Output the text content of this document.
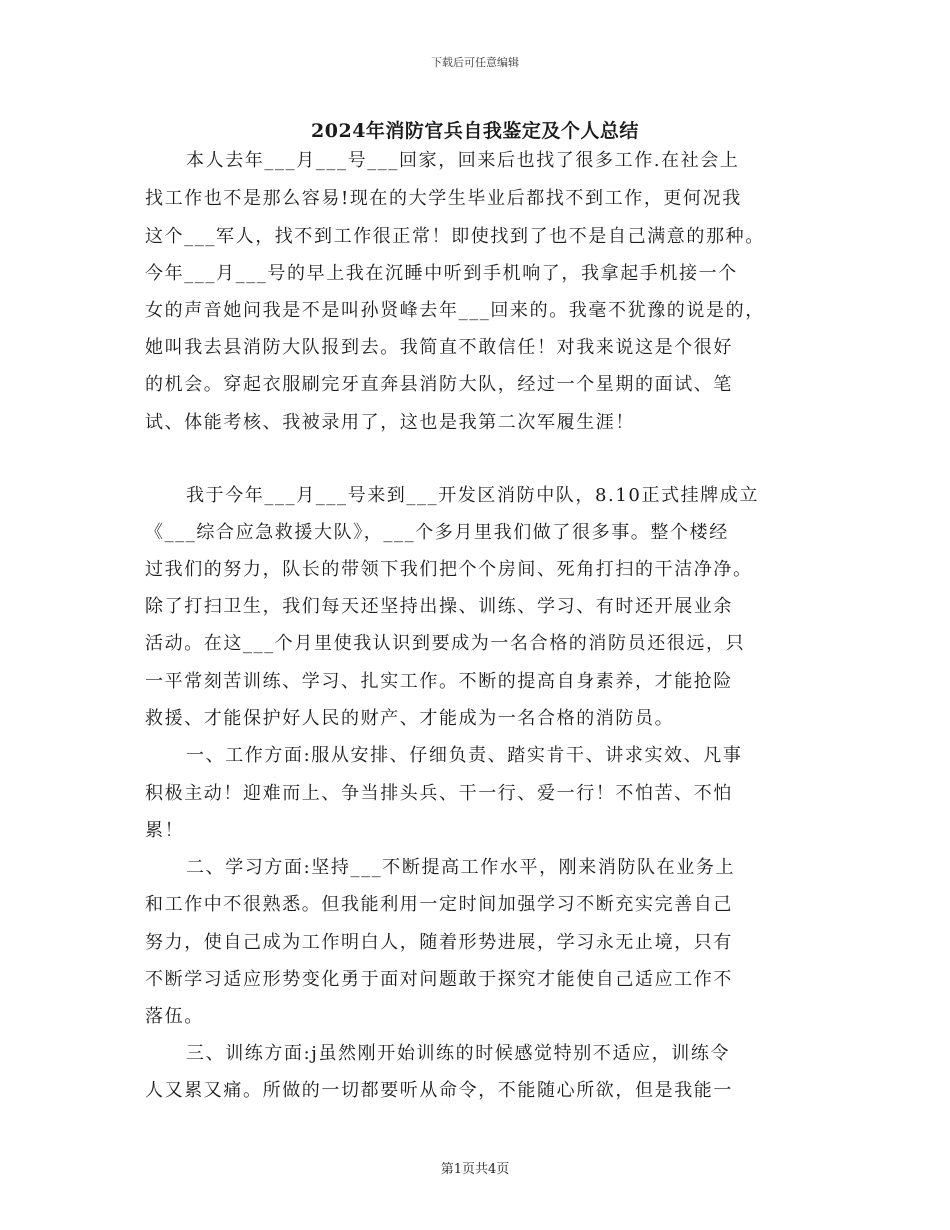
下载后可任意编辑
2024年消防官兵自我鉴定及个人总结
本人去年___月___号___回家，回来后也找了很多工作.在社会上
找工作也不是那么容易!现在的大学生毕业后都找不到工作，更何况我
这个___军人，找不到工作很正常！即使找到了也不是自己满意的那种。
今年___月___号的早上我在沉睡中听到手机响了，我拿起手机接一个
女的声音她问我是不是叫孙贤峰去年___回来的。我毫不犹豫的说是的，
她叫我去县消防大队报到去。我简直不敢信任！对我来说这是个很好
的机会。穿起衣服刷完牙直奔县消防大队，经过一个星期的面试、笔
试、体能考核、我被录用了，这也是我第二次军履生涯！
我于今年___月___号来到___开发区消防中队，8.10正式挂牌成立
《___综合应急救援大队》，___个多月里我们做了很多事。整个楼经
过我们的努力，队长的带领下我们把个个房间、死角打扫的干洁净净。
除了打扫卫生，我们每天还坚持出操、训练、学习、有时还开展业余
活动。在这___个月里使我认识到要成为一名合格的消防员还很远，只
一平常刻苦训练、学习、扎实工作。不断的提高自身素养，才能抢险
救援、才能保护好人民的财产、才能成为一名合格的消防员。
一、工作方面:服从安排、仔细负责、踏实肯干、讲求实效、凡事
积极主动！迎难而上、争当排头兵、干一行、爱一行！不怕苦、不怕
累！
二、学习方面:坚持___不断提高工作水平，刚来消防队在业务上
和工作中不很熟悉。但我能利用一定时间加强学习不断充实完善自己
努力，使自己成为工作明白人，随着形势进展，学习永无止境，只有
不断学习适应形势变化勇于面对问题敢于探究才能使自己适应工作不
落伍。
三、训练方面:j虽然刚开始训练的时候感觉特别不适应，训练令
人又累又痛。所做的一切都要听从命令，不能随心所欲，但是我能一
第1页共4页
